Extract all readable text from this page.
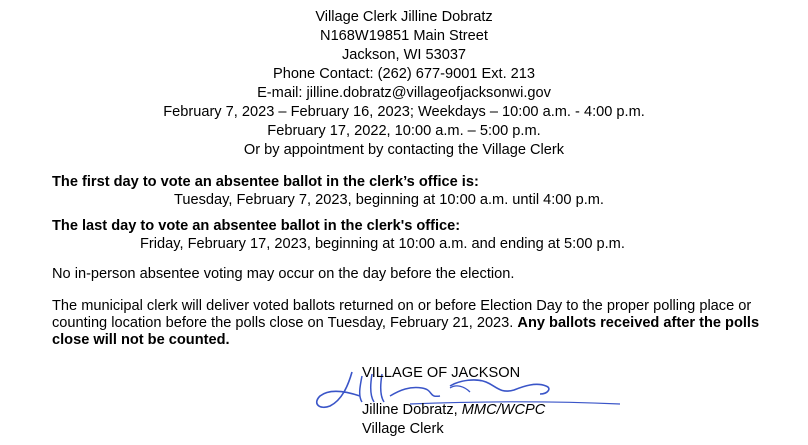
Village Clerk Jilline Dobratz
N168W19851 Main Street
Jackson, WI 53037
Phone Contact: (262) 677-9001 Ext. 213
E-mail: jilline.dobratz@villageofjacksonwi.gov
February 7, 2023 – February 16, 2023; Weekdays – 10:00 a.m. - 4:00 p.m.
February 17, 2022, 10:00 a.m. – 5:00 p.m.
Or by appointment by contacting the Village Clerk
The first day to vote an absentee ballot in the clerk’s office is:
Tuesday, February 7, 2023, beginning at 10:00 a.m. until 4:00 p.m.
The last day to vote an absentee ballot in the clerk's office:
Friday, February 17, 2023, beginning at 10:00 a.m. and ending at 5:00 p.m.
No in-person absentee voting may occur on the day before the election.
The municipal clerk will deliver voted ballots returned on or before Election Day to the proper polling place or counting location before the polls close on Tuesday, February 21, 2023. Any ballots received after the polls close will not be counted.
VILLAGE OF JACKSON
Jilline Dobratz, MMC/WCPC
Village Clerk
